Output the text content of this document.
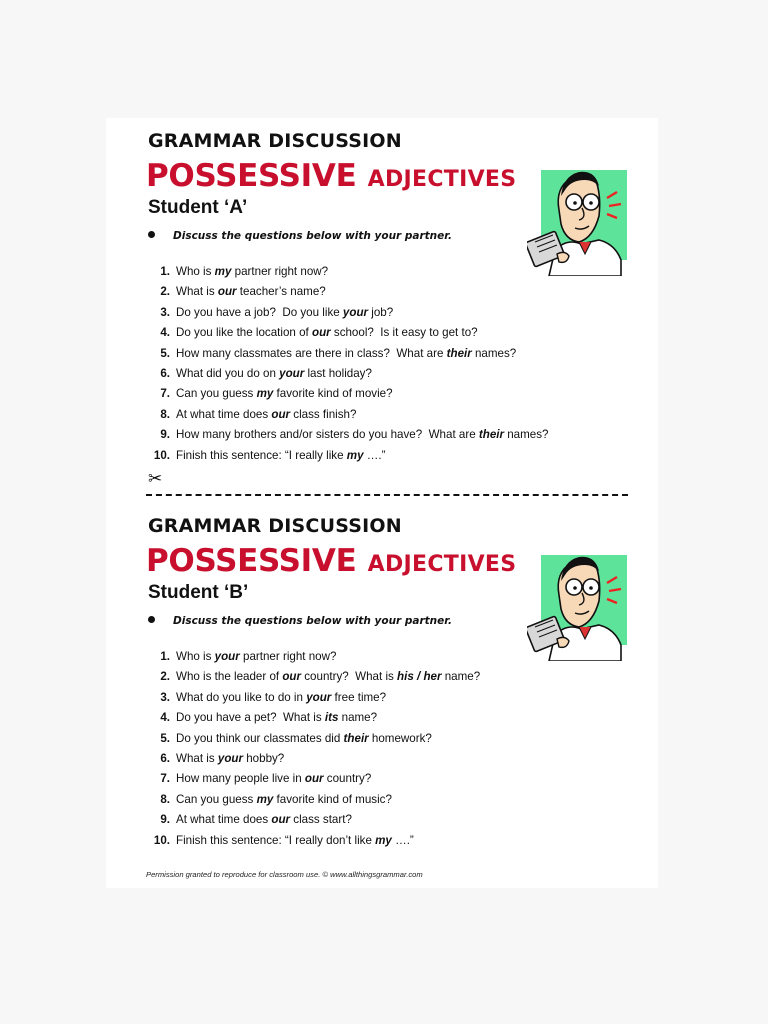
GRAMMAR DISCUSSION
POSSESSIVE ADJECTIVES
Student ‘A’
Discuss the questions below with your partner.
1. Who is my partner right now?
2. What is our teacher’s name?
3. Do you have a job?  Do you like your job?
4. Do you like the location of our school?  Is it easy to get to?
5. How many classmates are there in class?  What are their names?
6. What did you do on your last holiday?
7. Can you guess my favorite kind of movie?
8. At what time does our class finish?
9. How many brothers and/or sisters do you have?  What are their names?
10. Finish this sentence: “I really like my ….”
✂
GRAMMAR DISCUSSION
POSSESSIVE ADJECTIVES
Student ‘B’
Discuss the questions below with your partner.
1. Who is your partner right now?
2. Who is the leader of our country?  What is his / her name?
3. What do you like to do in your free time?
4. Do you have a pet?  What is its name?
5. Do you think our classmates did their homework?
6. What is your hobby?
7. How many people live in our country?
8. Can you guess my favorite kind of music?
9. At what time does our class start?
10. Finish this sentence: “I really don’t like my ….”
Permission granted to reproduce for classroom use. © www.allthingsgrammar.com
